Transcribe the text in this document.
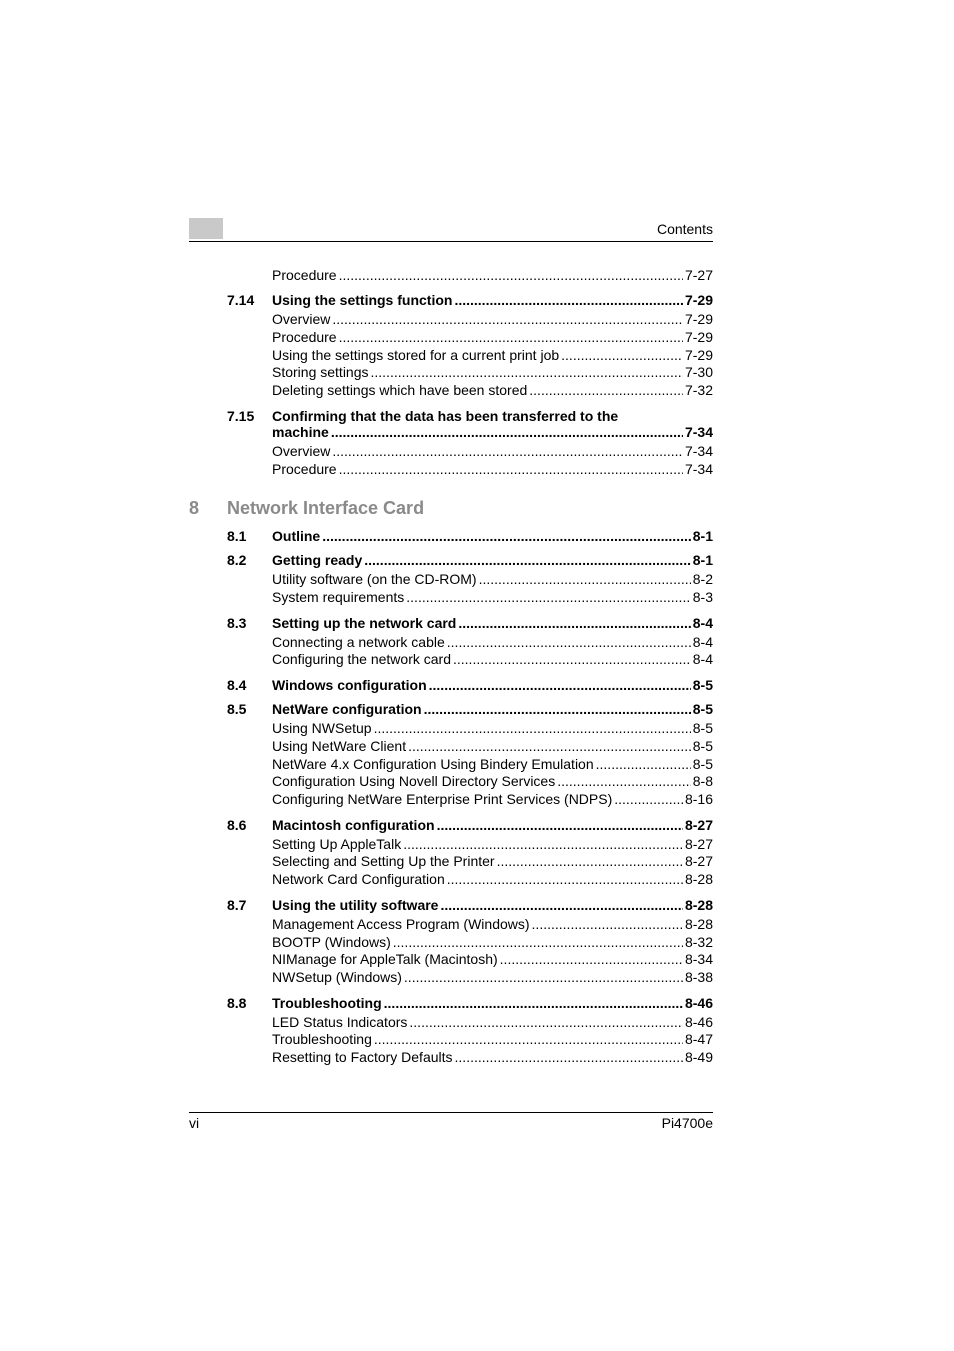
Contents
Procedure .....	7-27
7.14 Using the settings function .....	7-29
Overview .....	7-29
Procedure .....	7-29
Using the settings stored for a current print job .....	7-29
Storing settings .....	7-30
Deleting settings which have been stored .....	7-32
7.15 Confirming that the data has been transferred to the
machine .....	7-34
Overview .....	7-34
Procedure .....	7-34
8 Network Interface Card
8.1 Outline .....	8-1
8.2 Getting ready .....	8-1
Utility software (on the CD-ROM) .....	8-2
System requirements .....	8-3
8.3 Setting up the network card .....	8-4
Connecting a network cable .....	8-4
Configuring the network card .....	8-4
8.4 Windows configuration .....	8-5
8.5 NetWare configuration .....	8-5
Using NWSetup .....	8-5
Using NetWare Client .....	8-5
NetWare 4.x Configuration Using Bindery Emulation .....	8-5
Configuration Using Novell Directory Services .....	8-8
Configuring NetWare Enterprise Print Services (NDPS) .....	8-16
8.6 Macintosh configuration .....	8-27
Setting Up AppleTalk .....	8-27
Selecting and Setting Up the Printer .....	8-27
Network Card Configuration .....	8-28
8.7 Using the utility software .....	8-28
Management Access Program (Windows) .....	8-28
BOOTP (Windows) .....	8-32
NIManage for AppleTalk (Macintosh) .....	8-34
NWSetup (Windows) .....	8-38
8.8 Troubleshooting .....	8-46
LED Status Indicators .....	8-46
Troubleshooting .....	8-47
Resetting to Factory Defaults .....	8-49
vi	Pi4700e
